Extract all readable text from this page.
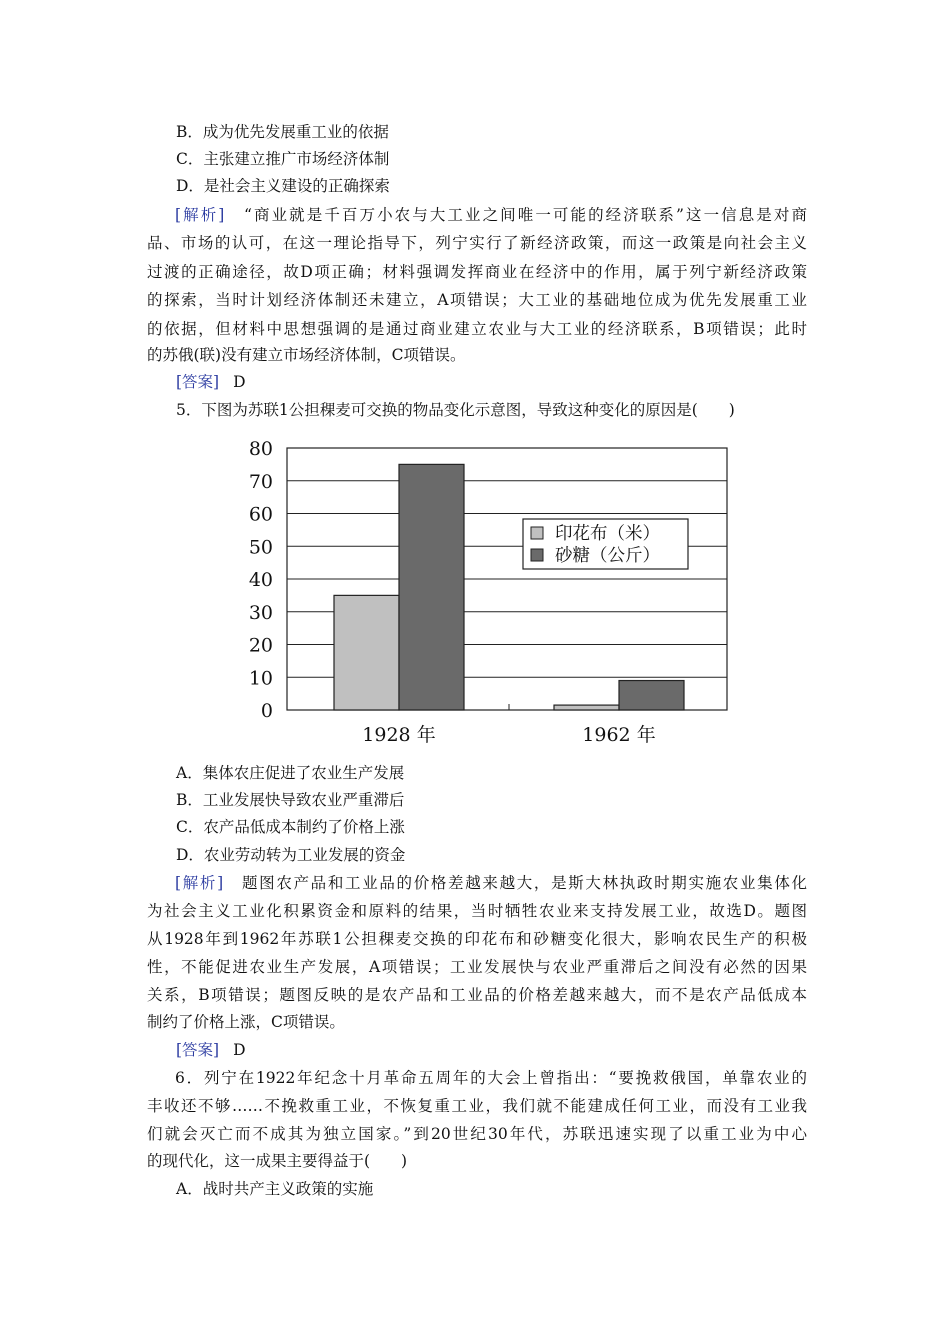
B．成为优先发展重工业的依据
C．主张建立推广市场经济体制
D．是社会主义建设的正确探索
[解析]　 “商业就是千百万小农与大工业之间唯一可能的经济联系”这一信息是对商
品、市场的认可，在这一理论指导下，列宁实行了新经济政策，而这一政策是向社会主义
过渡的正确途径，故D项正确；材料强调发挥商业在经济中的作用，属于列宁新经济政策
的探索，当时计划经济体制还未建立，A项错误；大工业的基础地位成为优先发展重工业
的依据，但材料中思想强调的是通过商业建立农业与大工业的经济联系，B项错误；此时
的苏俄(联)没有建立市场经济体制，C项错误。
[答案] D
5．下图为苏联1公担稞麦可交换的物品变化示意图，导致这种变化的原因是(　　)
0
10
20
30
40
50
60
70
80
1928 年	1962 年
印花布（米）
砂糖（公斤）
A．集体农庄促进了农业生产发展
B．工业发展快导致农业严重滞后
C．农产品低成本制约了价格上涨
D．农业劳动转为工业发展的资金
[解析]　 题图农产品和工业品的价格差越来越大，是斯大林执政时期实施农业集体化
为社会主义工业化积累资金和原料的结果，当时牺牲农业来支持发展工业，故选D。题图
从1928年到1962年苏联1公担稞麦交换的印花布和砂糖变化很大，影响农民生产的积极
性，不能促进农业生产发展，A项错误；工业发展快与农业严重滞后之间没有必然的因果
关系，B项错误；题图反映的是农产品和工业品的价格差越来越大，而不是农产品低成本
制约了价格上涨，C项错误。
[答案] D
6．列宁在1922年纪念十月革命五周年的大会上曾指出：“要挽救俄国，单靠农业的
丰收还不够……不挽救重工业，不恢复重工业，我们就不能建成任何工业，而没有工业我
们就会灭亡而不成其为独立国家。”到20世纪30年代，苏联迅速实现了以重工业为中心
的现代化，这一成果主要得益于(　　)
A．战时共产主义政策的实施
